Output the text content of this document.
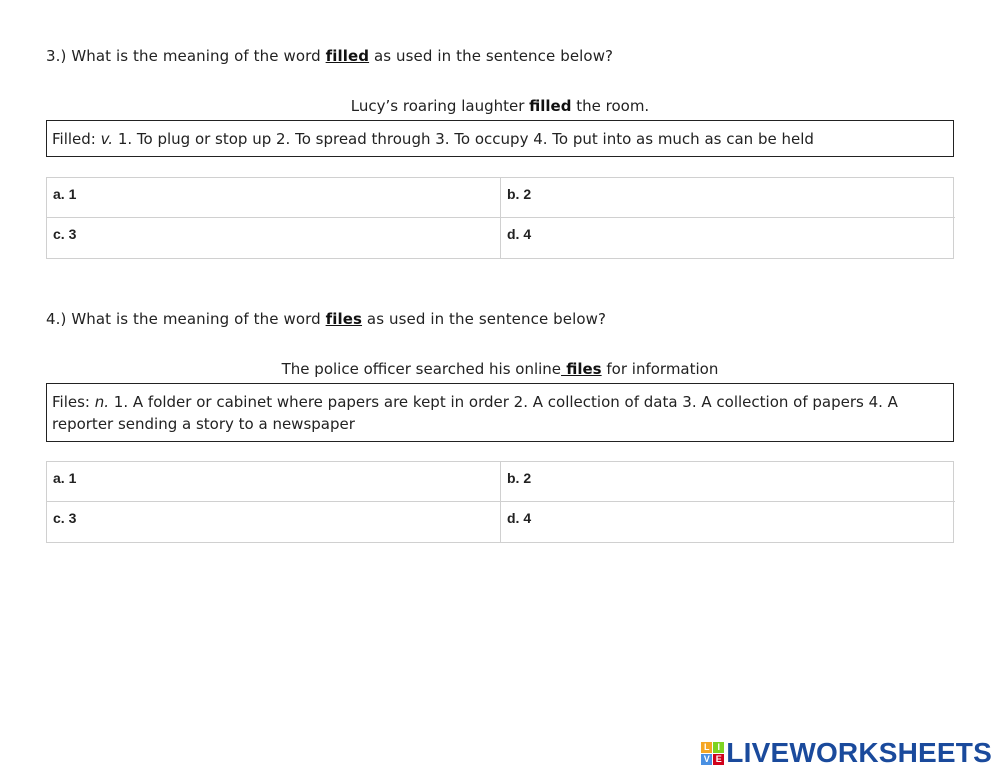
3.) What is the meaning of the word filled as used in the sentence below?
Lucy’s roaring laughter filled the room.
Filled: v. 1. To plug or stop up 2. To spread through 3. To occupy 4. To put into as much as can be held
a. 1	b. 2
c. 3	d. 4
4.) What is the meaning of the word files as used in the sentence below?
The police officer searched his online files for information
Files: n. 1. A folder or cabinet where papers are kept in order 2. A collection of data 3. A collection of papers 4. A reporter sending a story to a newspaper
a. 1	b. 2
c. 3	d. 4
L I
V E LIVEWORKSHEETS
